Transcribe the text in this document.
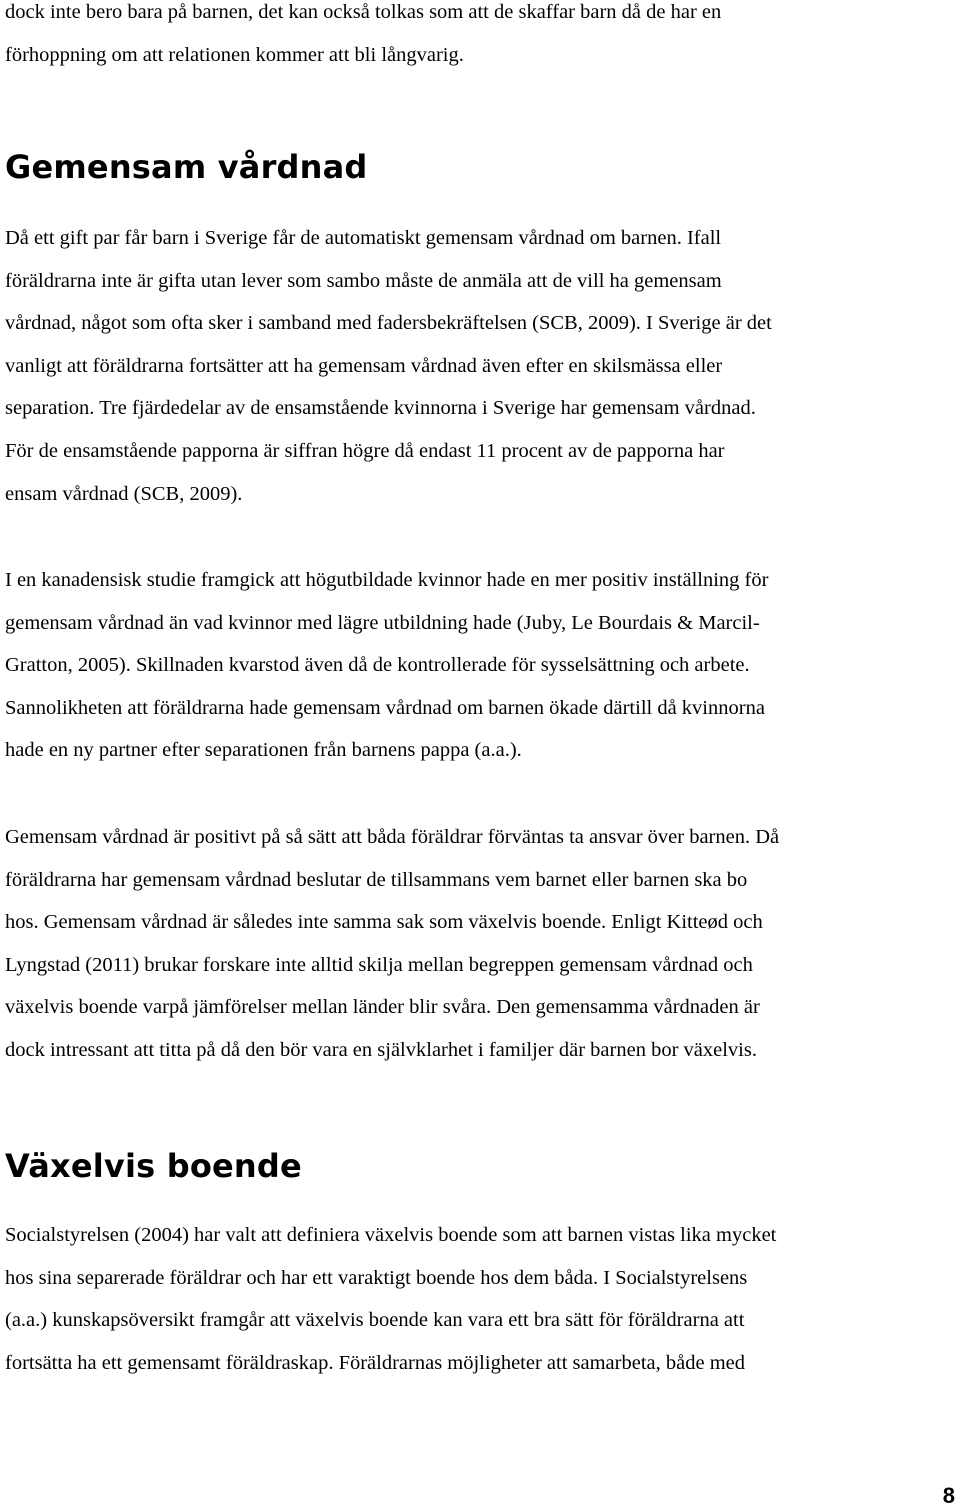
dock inte bero bara på barnen, det kan också tolkas som att de skaffar barn då de har en
förhoppning om att relationen kommer att bli långvarig.
Gemensam vårdnad
Då ett gift par får barn i Sverige får de automatiskt gemensam vårdnad om barnen. Ifall
föräldrarna inte är gifta utan lever som sambo måste de anmäla att de vill ha gemensam
vårdnad, något som ofta sker i samband med fadersbekräftelsen (SCB, 2009). I Sverige är det
vanligt att föräldrarna fortsätter att ha gemensam vårdnad även efter en skilsmässa eller
separation. Tre fjärdedelar av de ensamstående kvinnorna i Sverige har gemensam vårdnad.
För de ensamstående papporna är siffran högre då endast 11 procent av de papporna har
ensam vårdnad (SCB, 2009).
I en kanadensisk studie framgick att högutbildade kvinnor hade en mer positiv inställning för
gemensam vårdnad än vad kvinnor med lägre utbildning hade (Juby, Le Bourdais & Marcil-
Gratton, 2005). Skillnaden kvarstod även då de kontrollerade för sysselsättning och arbete.
Sannolikheten att föräldrarna hade gemensam vårdnad om barnen ökade därtill då kvinnorna
hade en ny partner efter separationen från barnens pappa (a.a.).
Gemensam vårdnad är positivt på så sätt att båda föräldrar förväntas ta ansvar över barnen. Då
föräldrarna har gemensam vårdnad beslutar de tillsammans vem barnet eller barnen ska bo
hos. Gemensam vårdnad är således inte samma sak som växelvis boende. Enligt Kitteød och
Lyngstad (2011) brukar forskare inte alltid skilja mellan begreppen gemensam vårdnad och
växelvis boende varpå jämförelser mellan länder blir svåra. Den gemensamma vårdnaden är
dock intressant att titta på då den bör vara en självklarhet i familjer där barnen bor växelvis.
Växelvis boende
Socialstyrelsen (2004) har valt att definiera växelvis boende som att barnen vistas lika mycket
hos sina separerade föräldrar och har ett varaktigt boende hos dem båda. I Socialstyrelsens
(a.a.) kunskapsöversikt framgår att växelvis boende kan vara ett bra sätt för föräldrarna att
fortsätta ha ett gemensamt föräldraskap. Föräldrarnas möjligheter att samarbeta, både med
8
